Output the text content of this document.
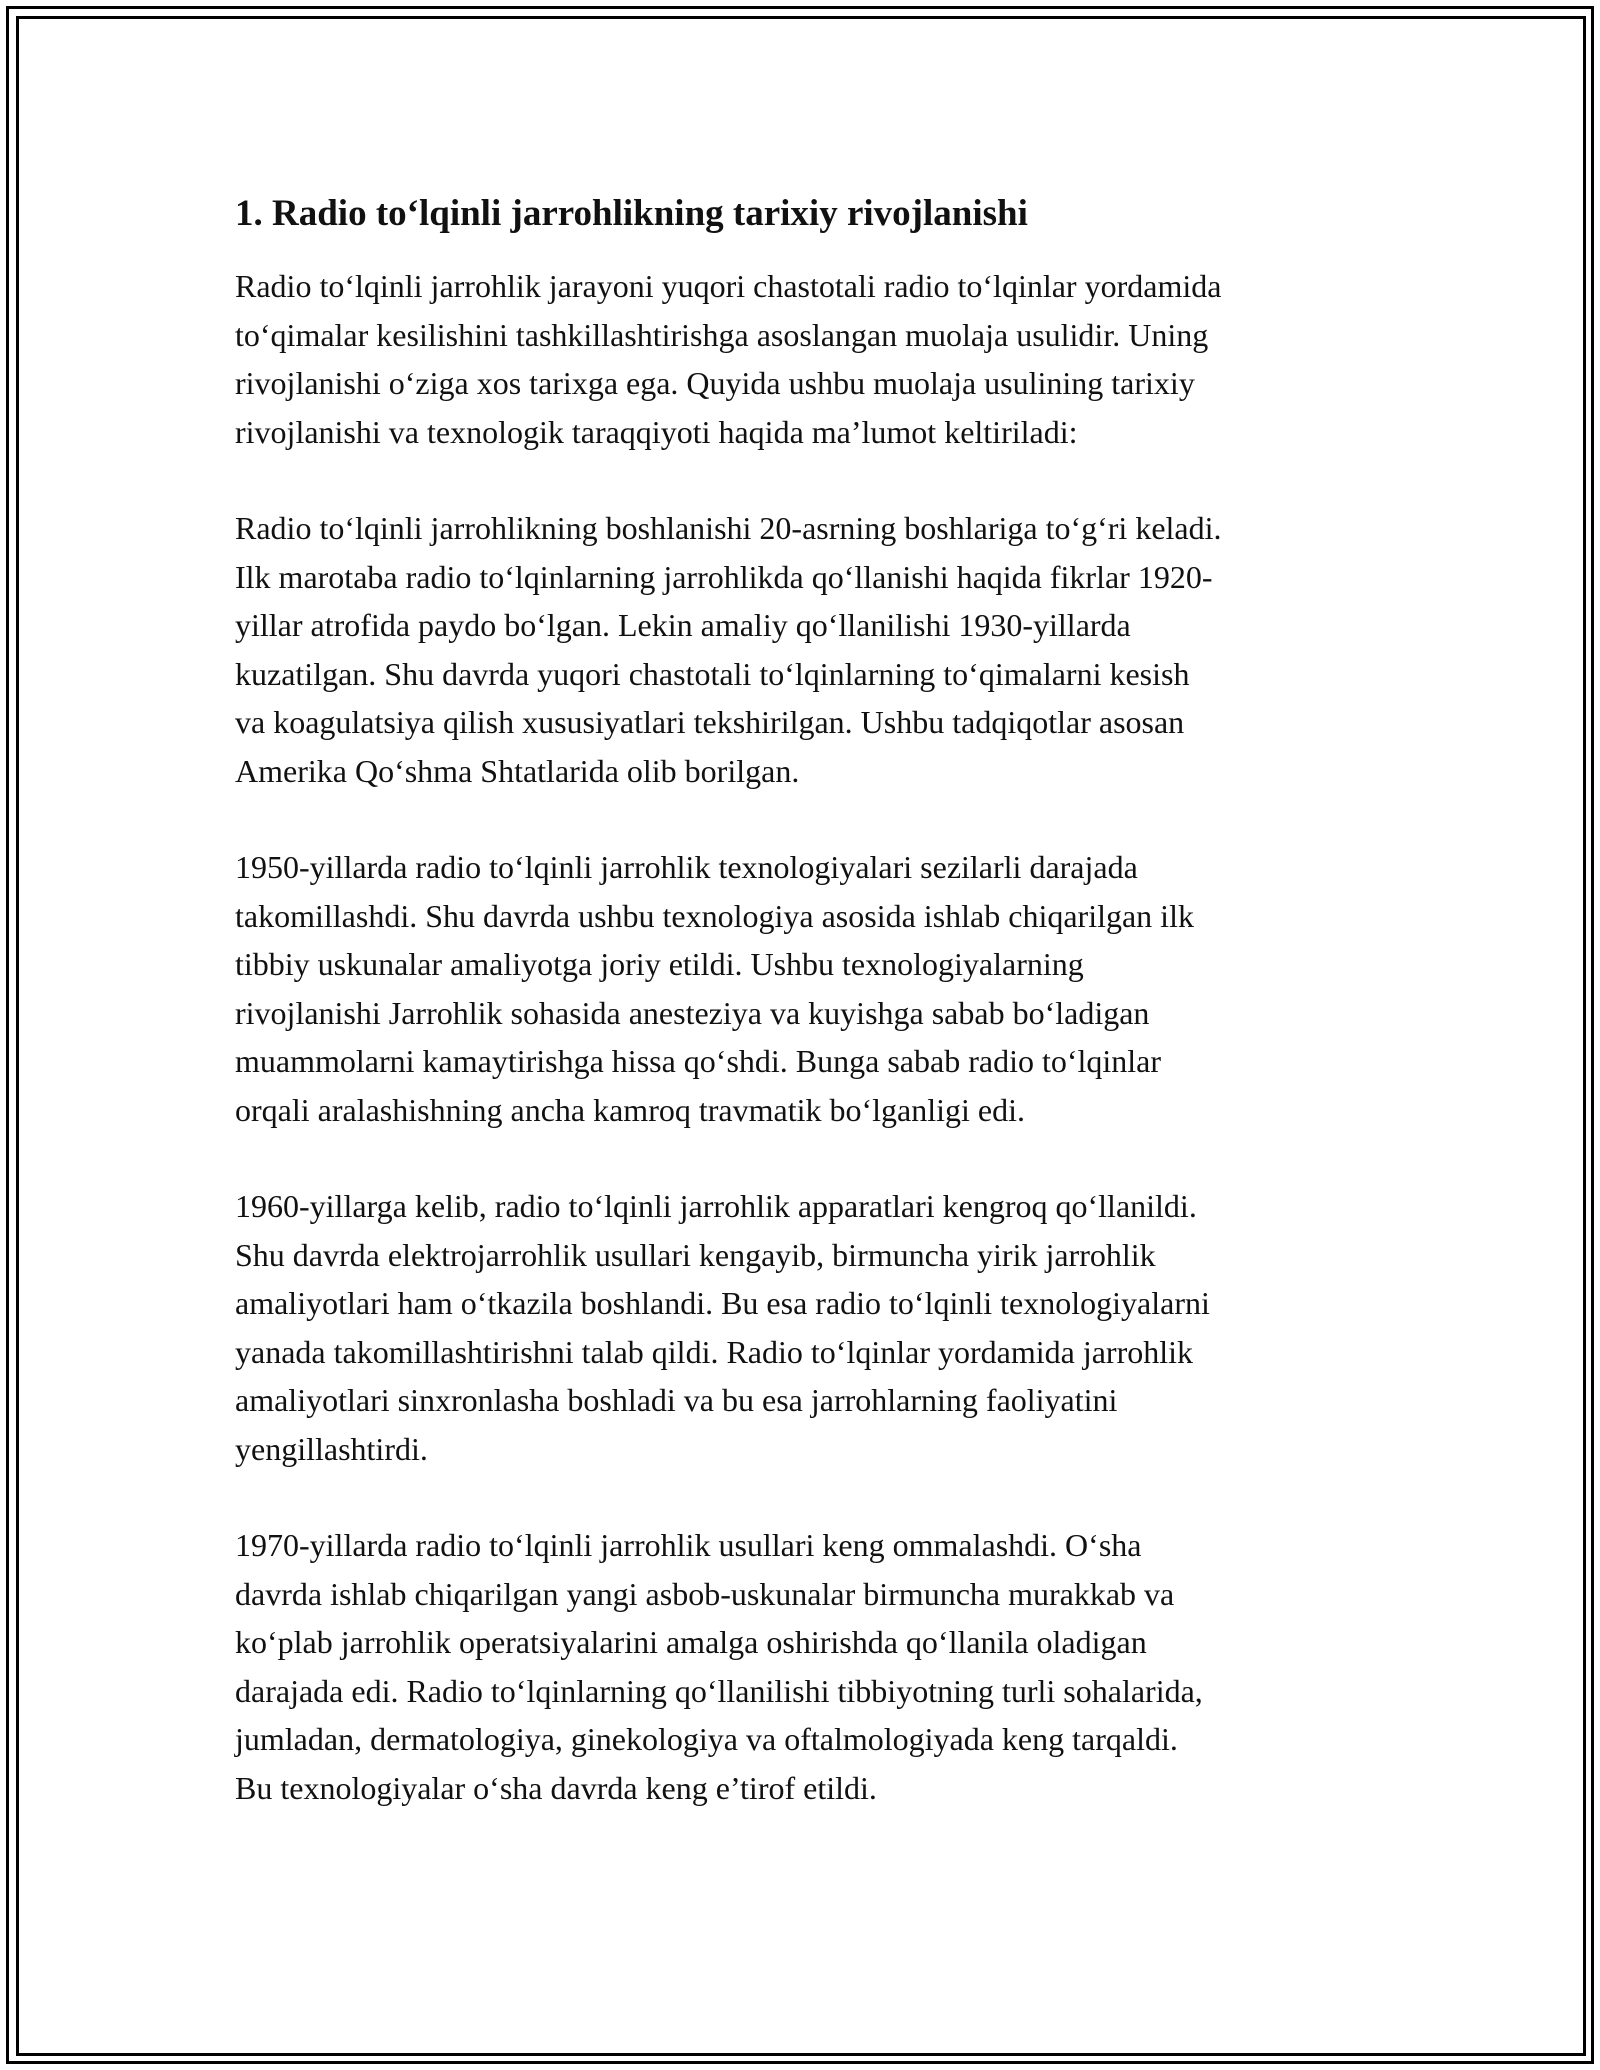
1. Radio to‘lqinli jarrohlikning tarixiy rivojlanishi

Radio to‘lqinli jarrohlik jarayoni yuqori chastotali radio to‘lqinlar yordamida
to‘qimalar kesilishini tashkillashtirishga asoslangan muolaja usulidir. Uning
rivojlanishi o‘ziga xos tarixga ega. Quyida ushbu muolaja usulining tarixiy
rivojlanishi va texnologik taraqqiyoti haqida ma’lumot keltiriladi:

Radio to‘lqinli jarrohlikning boshlanishi 20-asrning boshlariga to‘g‘ri keladi.
Ilk marotaba radio to‘lqinlarning jarrohlikda qo‘llanishi haqida fikrlar 1920-
yillar atrofida paydo bo‘lgan. Lekin amaliy qo‘llanilishi 1930-yillarda
kuzatilgan. Shu davrda yuqori chastotali to‘lqinlarning to‘qimalarni kesish
va koagulatsiya qilish xususiyatlari tekshirilgan. Ushbu tadqiqotlar asosan
Amerika Qo‘shma Shtatlarida olib borilgan.

1950-yillarda radio to‘lqinli jarrohlik texnologiyalari sezilarli darajada
takomillashdi. Shu davrda ushbu texnologiya asosida ishlab chiqarilgan ilk
tibbiy uskunalar amaliyotga joriy etildi. Ushbu texnologiyalarning
rivojlanishi Jarrohlik sohasida anesteziya va kuyishga sabab bo‘ladigan
muammolarni kamaytirishga hissa qo‘shdi. Bunga sabab radio to‘lqinlar
orqali aralashishning ancha kamroq travmatik bo‘lganligi edi.

1960-yillarga kelib, radio to‘lqinli jarrohlik apparatlari kengroq qo‘llanildi.
Shu davrda elektrojarrohlik usullari kengayib, birmuncha yirik jarrohlik
amaliyotlari ham o‘tkazila boshlandi. Bu esa radio to‘lqinli texnologiyalarni
yanada takomillashtirishni talab qildi. Radio to‘lqinlar yordamida jarrohlik
amaliyotlari sinxronlasha boshladi va bu esa jarrohlarning faoliyatini
yengillashtirdi.

1970-yillarda radio to‘lqinli jarrohlik usullari keng ommalashdi. O‘sha
davrda ishlab chiqarilgan yangi asbob-uskunalar birmuncha murakkab va
ko‘plab jarrohlik operatsiyalarini amalga oshirishda qo‘llanila oladigan
darajada edi. Radio to‘lqinlarning qo‘llanilishi tibbiyotning turli sohalarida,
jumladan, dermatologiya, ginekologiya va oftalmologiyada keng tarqaldi.
Bu texnologiyalar o‘sha davrda keng e’tirof etildi.
